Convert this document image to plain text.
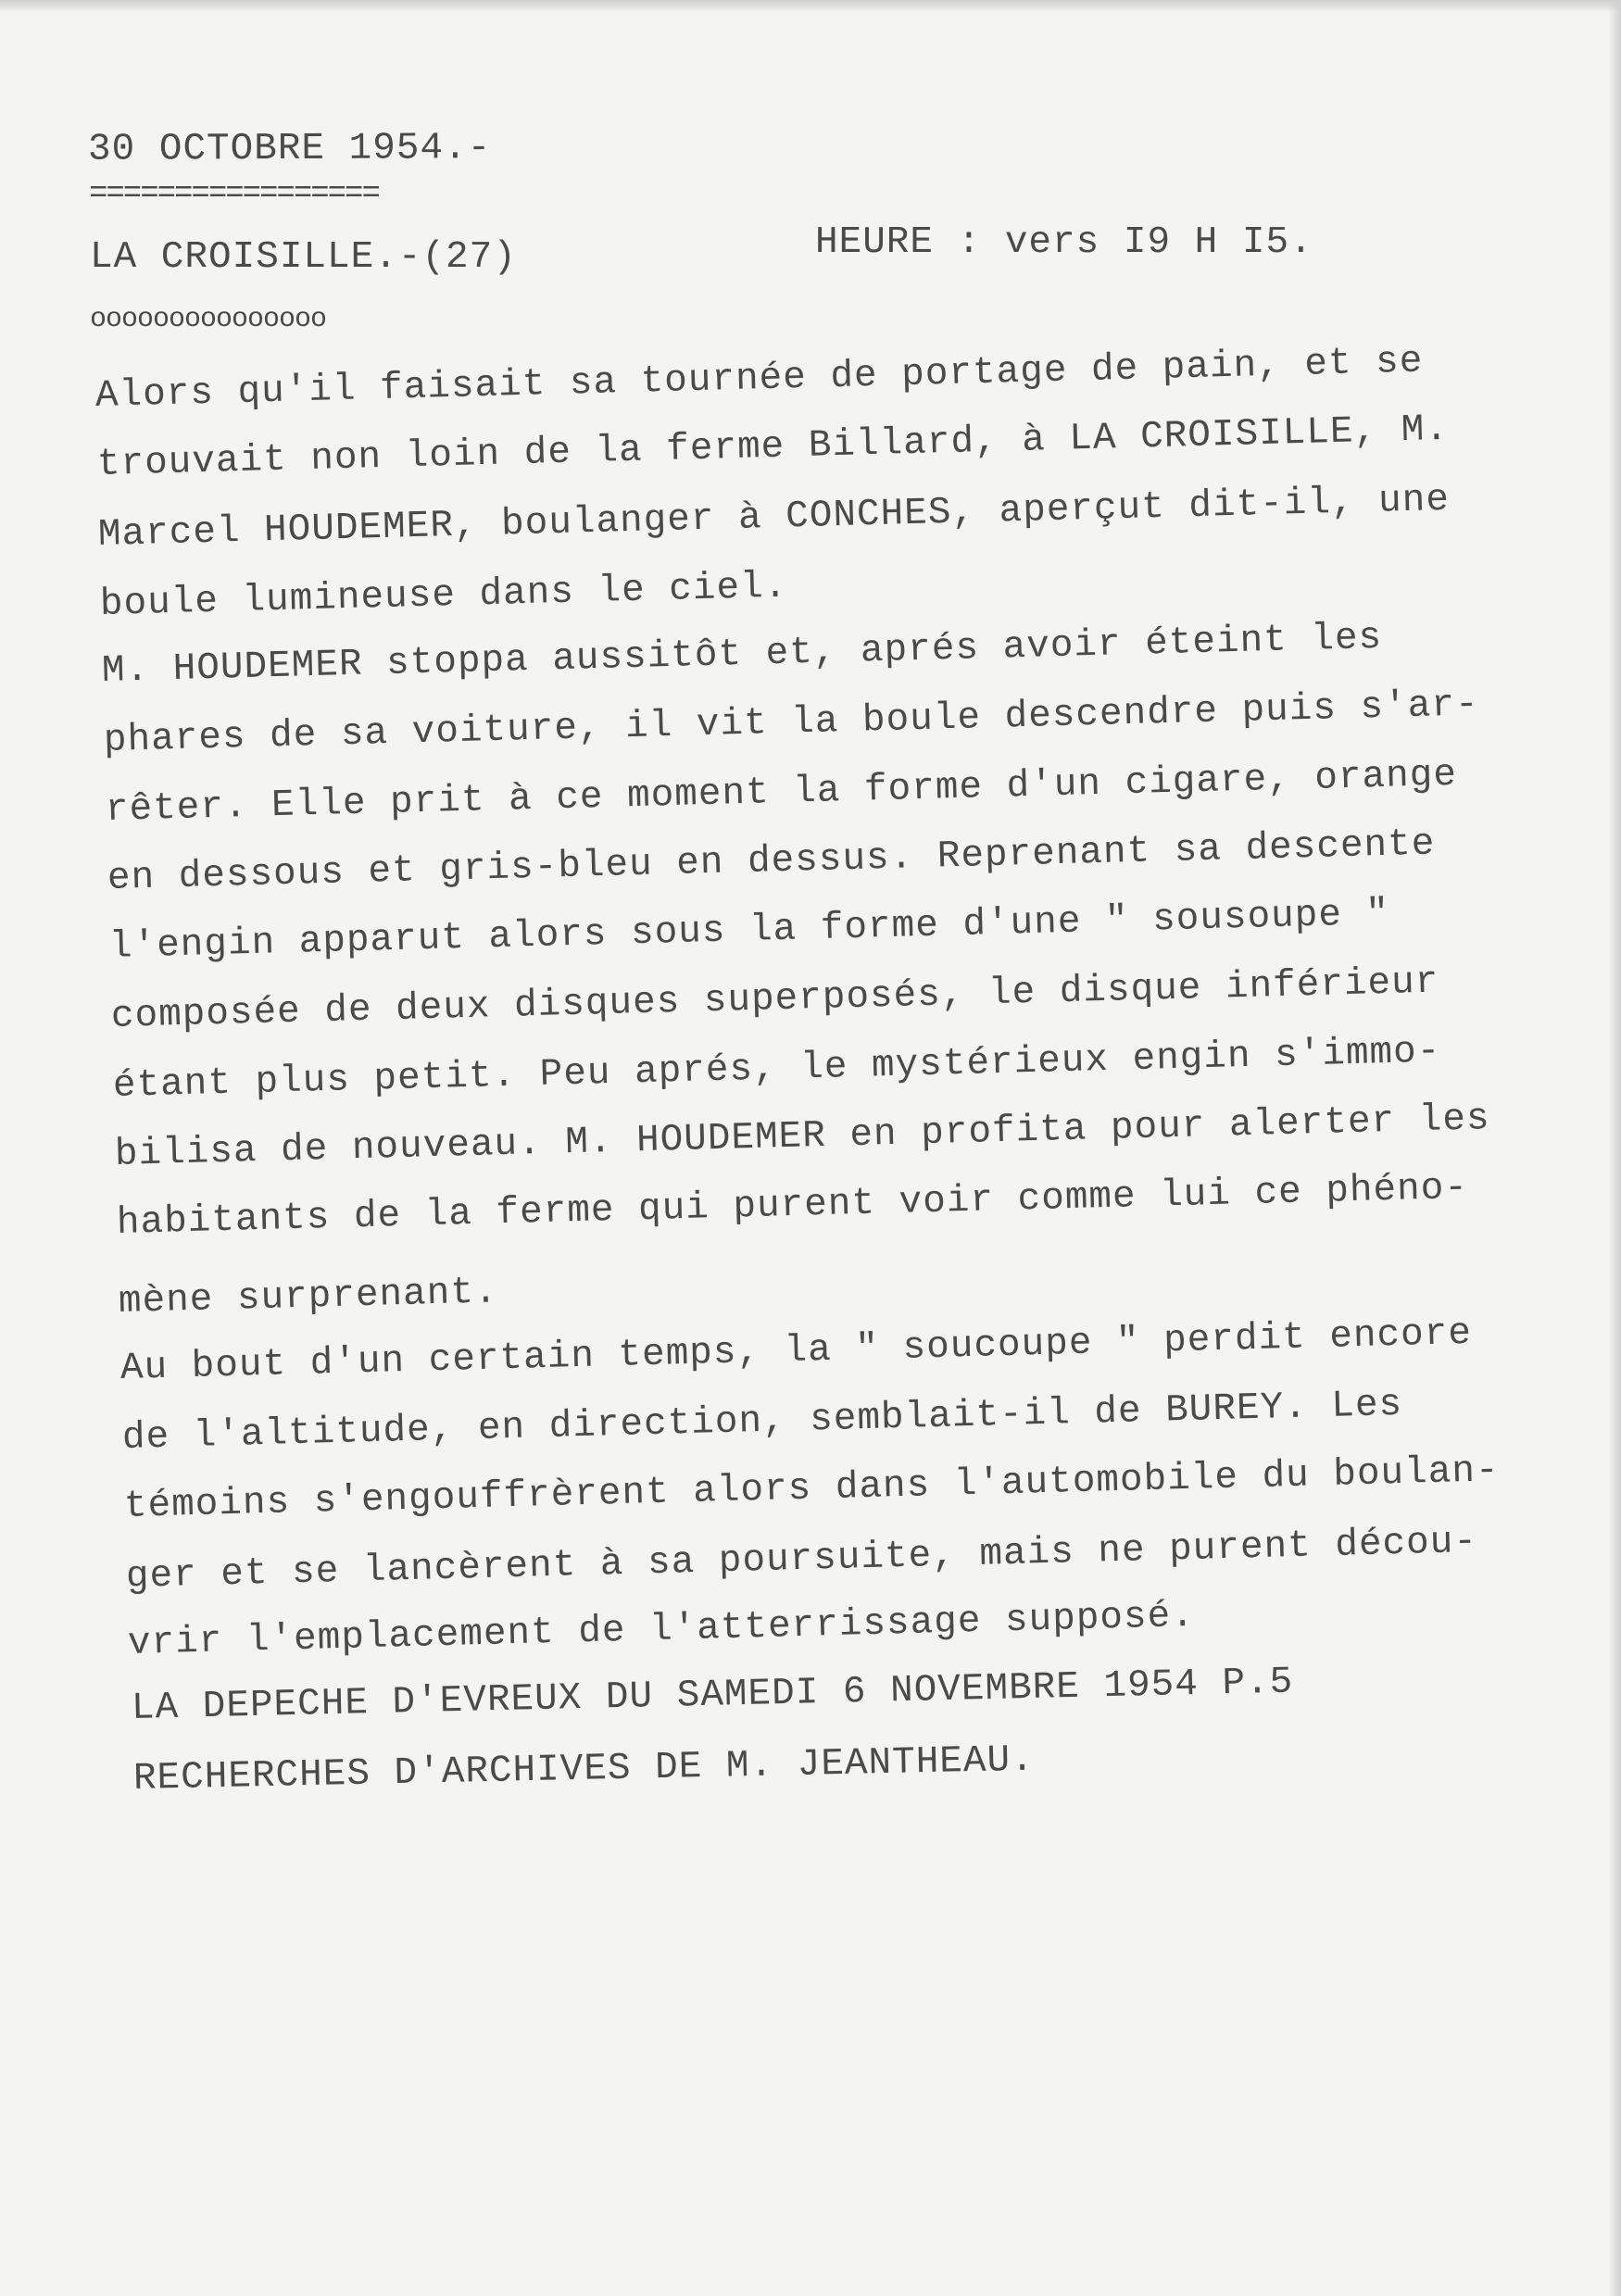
30 OCTOBRE 1954.-
=================
LA CROISILLE.-(27)	HEURE : vers I9 H I5.
ooooooooooooooo
Alors qu'il faisait sa tournée de portage de pain, et se
trouvait non loin de la ferme Billard, à LA CROISILLE, M.
Marcel HOUDEMER, boulanger à CONCHES, aperçut dit-il, une
boule lumineuse dans le ciel.
M. HOUDEMER stoppa aussitôt et, aprés avoir éteint les
phares de sa voiture, il vit la boule descendre puis s'ar-
rêter. Elle prit à ce moment la forme d'un cigare, orange
en dessous et gris-bleu en dessus. Reprenant sa descente
l'engin apparut alors sous la forme d'une " sousoupe "
composée de deux disques superposés, le disque inférieur
étant plus petit. Peu aprés, le mystérieux engin s'immo-
bilisa de nouveau. M. HOUDEMER en profita pour alerter les
habitants de la ferme qui purent voir comme lui ce phéno-
mène surprenant.
Au bout d'un certain temps, la " soucoupe " perdit encore
de l'altitude, en direction, semblait-il de BUREY. Les
témoins s'engouffrèrent alors dans l'automobile du boulan-
ger et se lancèrent à sa poursuite, mais ne purent décou-
vrir l'emplacement de l'atterrissage supposé.
LA DEPECHE D'EVREUX DU SAMEDI 6 NOVEMBRE 1954 P.5
RECHERCHES D'ARCHIVES DE M. JEANTHEAU.
